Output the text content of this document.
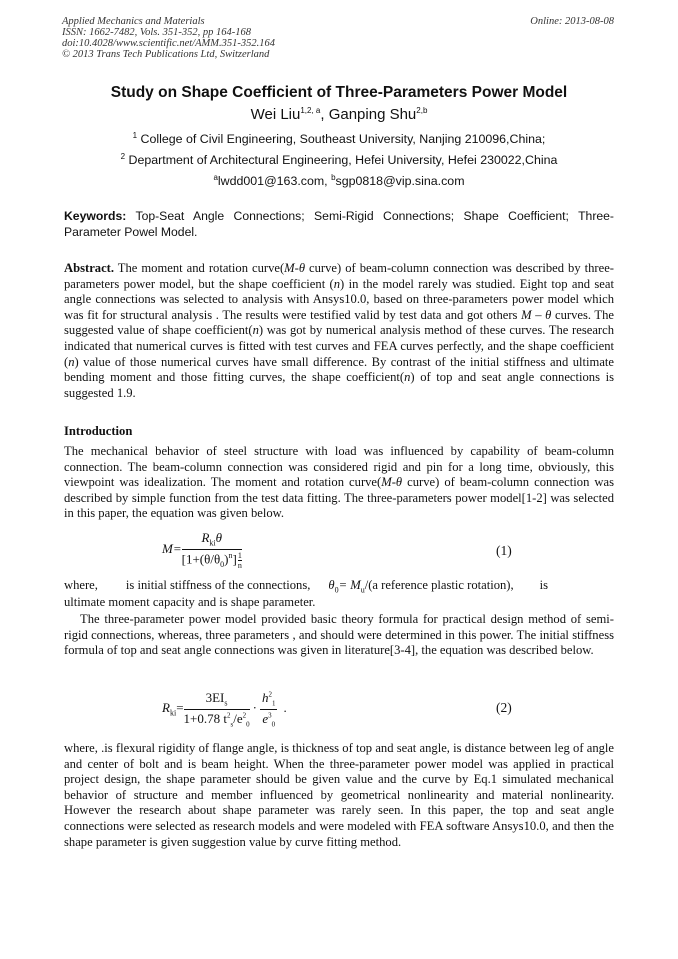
Applied Mechanics and Materials
ISSN: 1662-7482, Vols. 351-352, pp 164-168
doi:10.4028/www.scientific.net/AMM.351-352.164
© 2013 Trans Tech Publications Ltd, Switzerland
Online: 2013-08-08
Study on Shape Coefficient of Three-Parameters Power Model
Wei Liu$^{1,2, a}$, Ganping Shu$^{2,b}$
$^1$ College of Civil Engineering, Southeast University, Nanjing 210096,China;
$^2$ Department of Architectural Engineering, Hefei University, Hefei 230022,China
$^a$lwdd001@163.com, $^b$sgp0818@vip.sina.com
Keywords: Top-Seat Angle Connections; Semi-Rigid Connections; Shape Coefficient; Three-Parameter Powel Model.
Abstract. The moment and rotation curve(M-θ curve) of beam-column connection was described by three-parameters power model, but the shape coefficient (n) in the model rarely was studied. Eight top and seat angle connections was selected to analysis with Ansys10.0, based on three-parameters power model which was fit for structural analysis . The results were testified valid by test data and got others M – θ curves. The suggested value of shape coefficient(n) was got by numerical analysis method of these curves. The research indicated that numerical curves is fitted with test curves and FEA curves perfectly, and the shape coefficient (n) value of those numerical curves have small difference. By contrast of the initial stiffness and ultimate bending moment and those fitting curves, the shape coefficient(n) of top and seat angle connections is suggested 1.9.
Introduction
The mechanical behavior of steel structure with load was influenced by capability of beam-column connection. The beam-column connection was considered rigid and pin for a long time, obviously, this viewpoint was idealization. The moment and rotation curve(M-θ curve) of beam-column connection was described by simple function from the test data fitting. The three-parameters power model[1-2] was selected in this paper, the equation was given below.
$M= \frac{R_{ki}\theta}{[1+(\theta/\theta_0)^n] \frac{1}{n}}$	(1)
where, is initial stiffness of the connections, $\theta_0= M_u/(a$ reference plastic rotation), is
ultimate moment capacity and is shape parameter.
The three-parameter power model provided basic theory formula for practical design method of semi-rigid connections, whereas, three parameters , and should were determined in this power. The initial stiffness formula of top and seat angle connections was given in literature[3-4], the equation was described below.
$R_{ki}= \frac{3EI_s}{1+0.78 t^2_s/e^2_0} \cdot \frac{h^2_1}{e^3_0}$ .	(2)
where, .is flexural rigidity of flange angle, is thickness of top and seat angle, is distance between leg of angle and center of bolt and is beam height. When the three-parameter power model was applied in practical project design, the shape parameter should be given value and the curve by Eq.1 simulated mechanical behavior of structure and member influenced by geometrical nonlinearity and material nonlinearity. However the research about shape parameter was rarely seen. In this paper, the top and seat angle connections were selected as research models and were modeled with FEA software Ansys10.0, and then the shape parameter is given suggestion value by curve fitting method.
